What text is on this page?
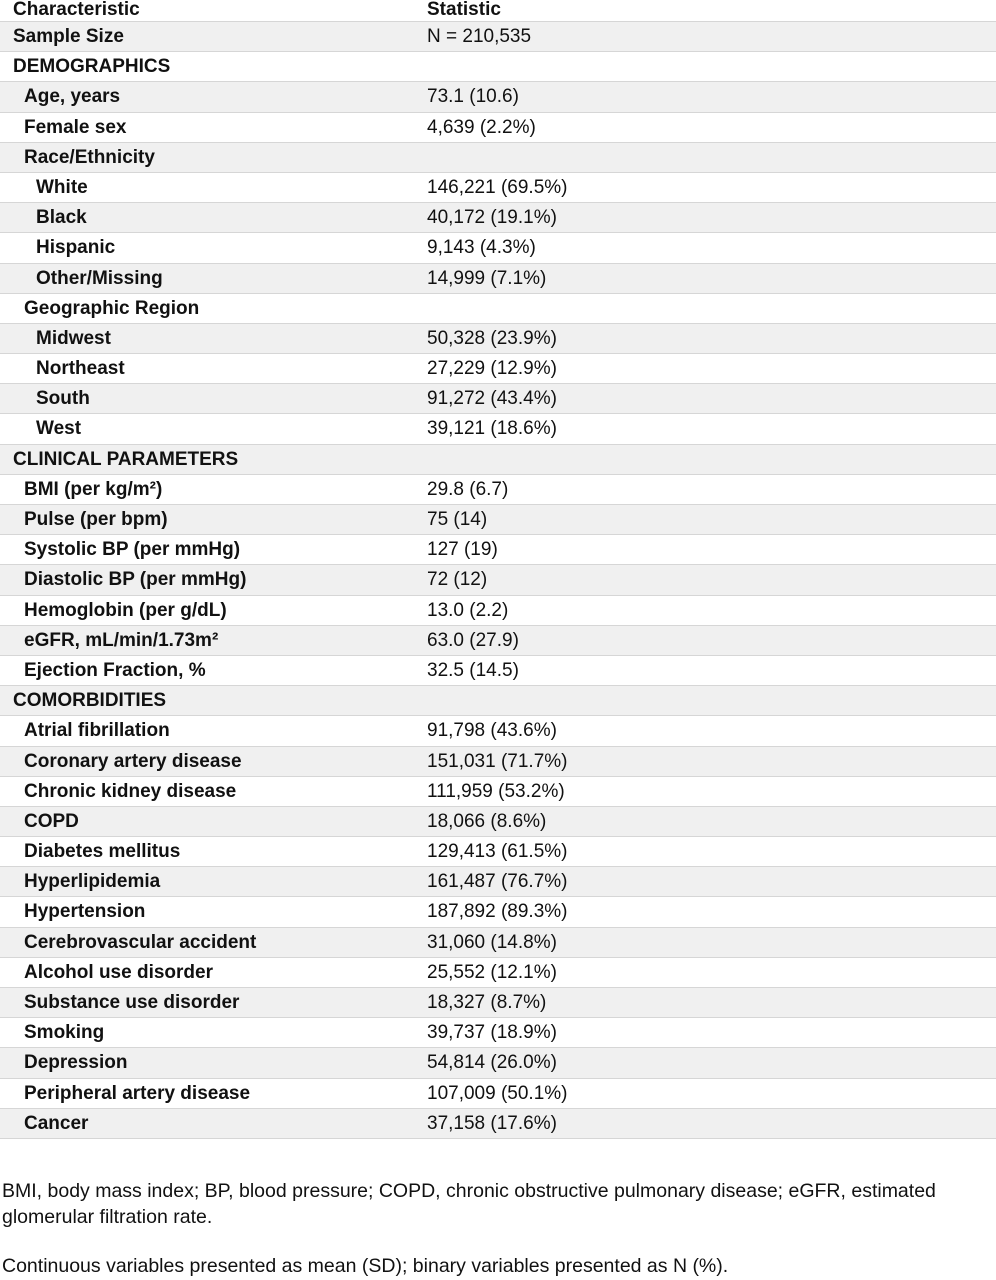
Characteristic	Statistic
Sample Size	N = 210,535
DEMOGRAPHICS
Age, years	73.1 (10.6)
Female sex	4,639 (2.2%)
Race/Ethnicity
White	146,221 (69.5%)
Black	40,172 (19.1%)
Hispanic	9,143 (4.3%)
Other/Missing	14,999 (7.1%)
Geographic Region
Midwest	50,328 (23.9%)
Northeast	27,229 (12.9%)
South	91,272 (43.4%)
West	39,121 (18.6%)
CLINICAL PARAMETERS
BMI (per kg/m²)	29.8 (6.7)
Pulse (per bpm)	75 (14)
Systolic BP (per mmHg)	127 (19)
Diastolic BP (per mmHg)	72 (12)
Hemoglobin (per g/dL)	13.0 (2.2)
eGFR, mL/min/1.73m²	63.0 (27.9)
Ejection Fraction, %	32.5 (14.5)
COMORBIDITIES
Atrial fibrillation	91,798 (43.6%)
Coronary artery disease	151,031 (71.7%)
Chronic kidney disease	111,959 (53.2%)
COPD	18,066 (8.6%)
Diabetes mellitus	129,413 (61.5%)
Hyperlipidemia	161,487 (76.7%)
Hypertension	187,892 (89.3%)
Cerebrovascular accident	31,060 (14.8%)
Alcohol use disorder	25,552 (12.1%)
Substance use disorder	18,327 (8.7%)
Smoking	39,737 (18.9%)
Depression	54,814 (26.0%)
Peripheral artery disease	107,009 (50.1%)
Cancer	37,158 (17.6%)

BMI, body mass index; BP, blood pressure; COPD, chronic obstructive pulmonary disease; eGFR, estimated glomerular filtration rate.

Continuous variables presented as mean (SD); binary variables presented as N (%).
